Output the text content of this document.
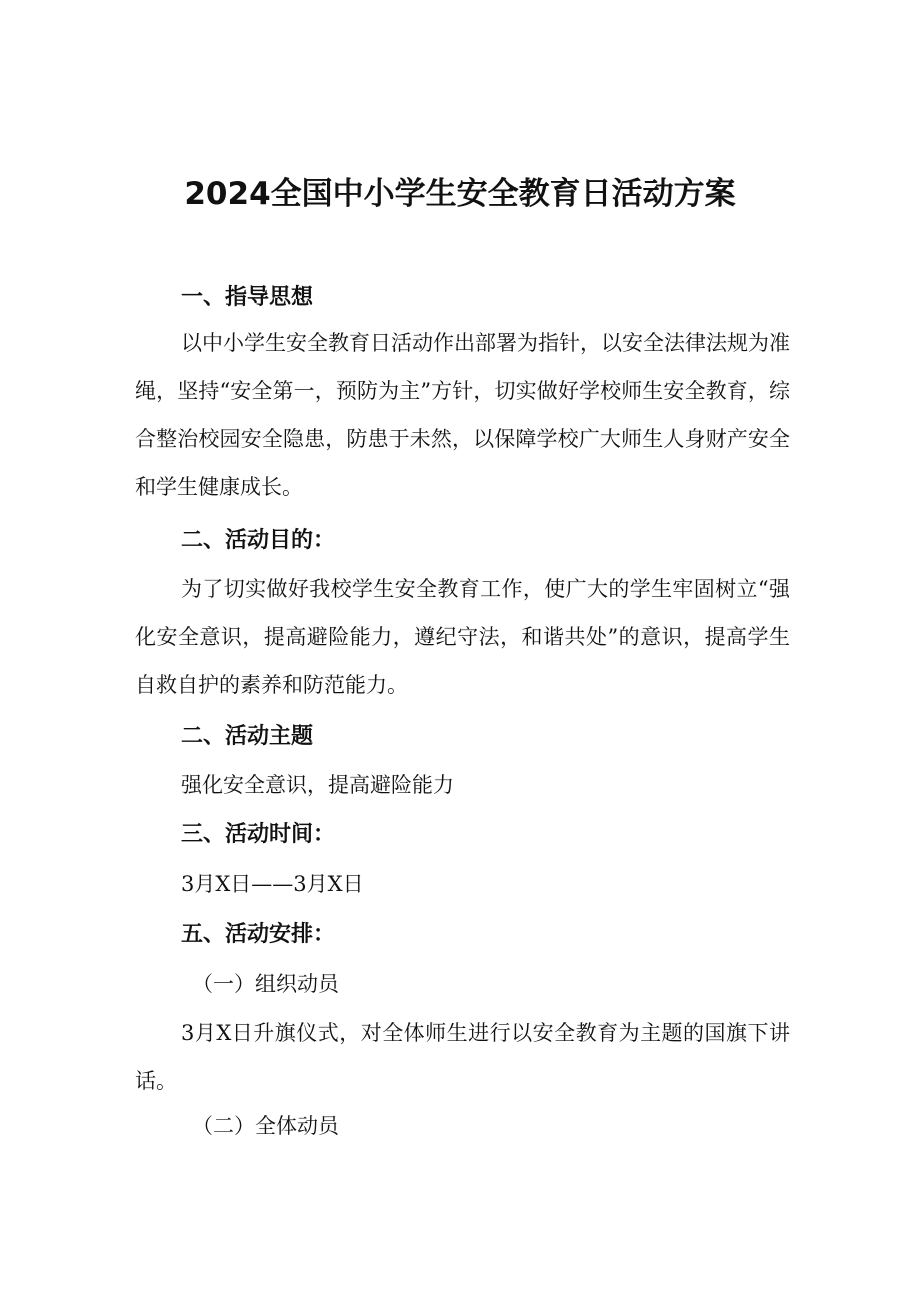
2024全国中小学生安全教育日活动方案
一、指导思想

以中小学生安全教育日活动作出部署为指针，以安全法律法规为准绳，坚持“安全第一，预防为主”方针，切实做好学校师生安全教育，综合整治校园安全隐患，防患于未然，以保障学校广大师生人身财产安全和学生健康成长。

二、活动目的：

为了切实做好我校学生安全教育工作，使广大的学生牢固树立“强化安全意识，提高避险能力，遵纪守法，和谐共处”的意识，提高学生自救自护的素养和防范能力。

二、活动主题

强化安全意识，提高避险能力

三、活动时间：

3月X日——3月X日

五、活动安排：

（一）组织动员

3月X日升旗仪式，对全体师生进行以安全教育为主题的国旗下讲话。

（二）全体动员
